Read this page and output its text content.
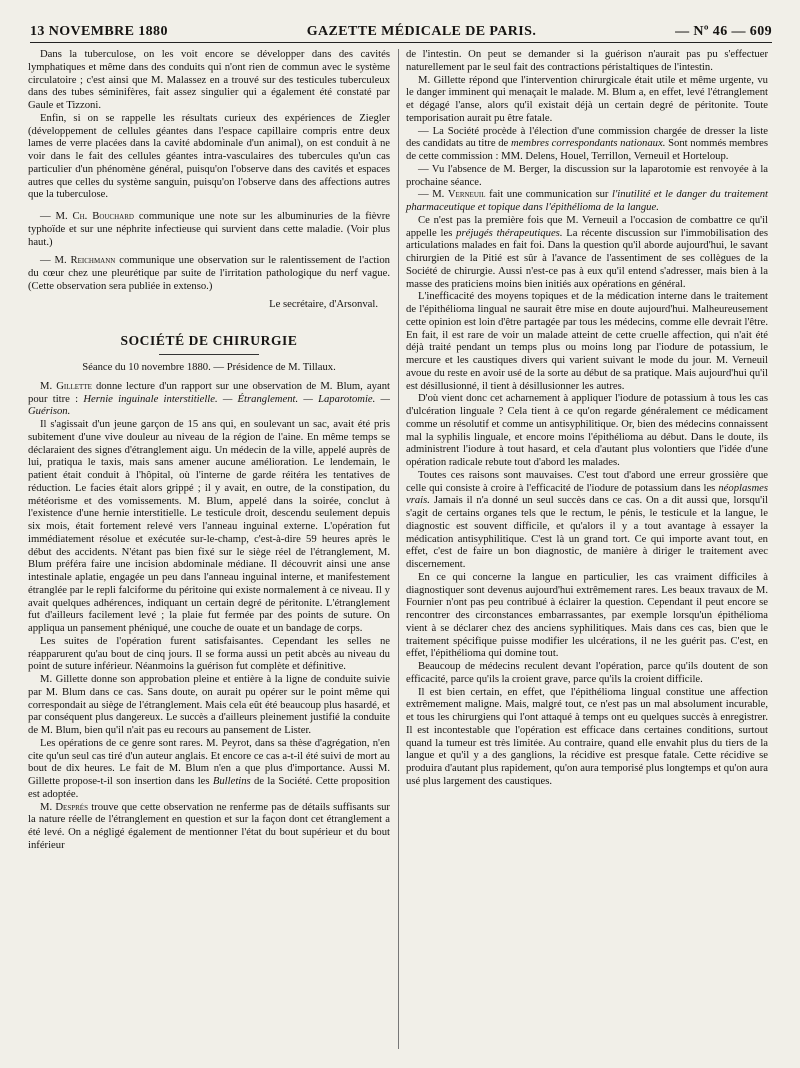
13 NOVEMBRE 1880	GAZETTE MÉDICALE DE PARIS.	— Nº 46 — 609

Dans la tuberculose, on les voit encore se développer dans des cavités lymphatiques et même dans des conduits qui n'ont rien de commun avec le système circulatoire ; c'est ainsi que M. Malassez en a trouvé sur des testicules tuberculeux dans des tubes séminifères, fait assez singulier qui a également été constaté par Gaule et Tizzoni.

Enfin, si on se rappelle les résultats curieux des expériences de Ziegler (développement de cellules géantes dans l'espace capillaire compris entre deux lames de verre placées dans la cavité abdominale d'un animal), on est conduit à ne voir dans le fait des cellules géantes intra-vasculaires des tubercules qu'un cas particulier d'un phénomène général, puisqu'on l'observe dans des cavités et espaces autres que celles du système sanguin, puisqu'on l'observe dans des affections autres que la tuberculose.

— M. Ch. Bouchard communique une note sur les albuminuries de la fièvre typhoïde et sur une néphrite infectieuse qui survient dans cette maladie. (Voir plus haut.)

— M. Reichmann communique une observation sur le ralentissement de l'action du cœur chez une pleurétique par suite de l'irritation pathologique du nerf vague. (Cette observation sera publiée in extenso.)

Le secrétaire, d'Arsonval.

SOCIÉTÉ DE CHIRURGIE

Séance du 10 novembre 1880. — Présidence de M. Tillaux.

M. Gillette donne lecture d'un rapport sur une observation de M. Blum, ayant pour titre : Hernie inguinale interstitielle. — Étranglement. — Laparotomie. — Guérison.

Il s'agissait d'un jeune garçon de 15 ans qui, en soulevant un sac, avait été pris subitement d'une vive douleur au niveau de la région de l'aine. En même temps se déclaraient des signes d'étranglement aigu. Un médecin de la ville, appelé auprès de lui, pratiqua le taxis, mais sans amener aucune amélioration. Le lendemain, le patient était conduit à l'hôpital, où l'interne de garde réitéra les tentatives de réduction. Le facies était alors grippé ; il y avait, en outre, de la constipation, du météorisme et des vomissements. M. Blum, appelé dans la soirée, conclut à l'existence d'une hernie interstitielle. Le testicule droit, descendu seulement depuis six mois, était fortement relevé vers l'anneau inguinal externe. L'opération fut immédiatement résolue et exécutée sur-le-champ, c'est-à-dire 59 heures après le début des accidents. N'étant pas bien fixé sur le siège réel de l'étranglement, M. Blum préféra faire une incision abdominale médiane. Il découvrit ainsi une anse intestinale aplatie, engagée un peu dans l'anneau inguinal interne, et manifestement étranglée par le repli falciforme du péritoine qui existe normalement à ce niveau. Il y avait quelques adhérences, indiquant un certain degré de péritonite. L'étranglement fut d'ailleurs facilement levé ; la plaie fut fermée par des points de suture. On appliqua un pansement phéniqué, une couche de ouate et un bandage de corps.

Les suites de l'opération furent satisfaisantes. Cependant les selles ne réapparurent qu'au bout de cinq jours. Il se forma aussi un petit abcès au niveau du point de suture inférieur. Néanmoins la guérison fut complète et définitive.

M. Gillette donne son approbation pleine et entière à la ligne de conduite suivie par M. Blum dans ce cas. Sans doute, on aurait pu opérer sur le point même qui correspondait au siège de l'étranglement. Mais cela eût été beaucoup plus hasardé, et par conséquent plus dangereux. Le succès a d'ailleurs pleinement justifié la conduite de M. Blum, bien qu'il n'ait pas eu recours au pansement de Lister.

Les opérations de ce genre sont rares. M. Peyrot, dans sa thèse d'agrégation, n'en cite qu'un seul cas tiré d'un auteur anglais. Et encore ce cas a-t-il été suivi de mort au bout de dix heures. Le fait de M. Blum n'en a que plus d'importance. Aussi M. Gillette propose-t-il son insertion dans les Bulletins de la Société. Cette proposition est adoptée.

M. Després trouve que cette observation ne renferme pas de détails suffisants sur la nature réelle de l'étranglement en question et sur la façon dont cet étranglement a été levé. On a négligé également de mentionner l'état du bout supérieur et du bout inférieur

de l'intestin. On peut se demander si la guérison n'aurait pas pu s'effectuer naturellement par le seul fait des contractions péristaltiques de l'intestin.

M. Gillette répond que l'intervention chirurgicale était utile et même urgente, vu le danger imminent qui menaçait le malade. M. Blum a, en effet, levé l'étranglement et dégagé l'anse, alors qu'il existait déjà un certain degré de péritonite. Toute temporisation aurait pu être fatale.

— La Société procède à l'élection d'une commission chargée de dresser la liste des candidats au titre de membres correspondants nationaux. Sont nommés membres de cette commission : MM. Delens, Houel, Terrillon, Verneuil et Horteloup.

— Vu l'absence de M. Berger, la discussion sur la laparotomie est renvoyée à la prochaine séance.

— M. Verneuil fait une communication sur l'inutilité et le danger du traitement pharmaceutique et topique dans l'épithélioma de la langue.

Ce n'est pas la première fois que M. Verneuil a l'occasion de combattre ce qu'il appelle les préjugés thérapeutiques. La récente discussion sur l'immobilisation des articulations malades en fait foi. Dans la question qu'il aborde aujourd'hui, le savant chirurgien de la Pitié est sûr à l'avance de l'assentiment de ses collègues de la Société de chirurgie. Aussi n'est-ce pas à eux qu'il entend s'adresser, mais bien à la masse des praticiens moins bien initiés aux opérations en général.

L'inefficacité des moyens topiques et de la médication interne dans le traitement de l'épithélioma lingual ne saurait être mise en doute aujourd'hui. Malheureusement cette opinion est loin d'être partagée par tous les médecins, comme elle devrait l'être. En fait, il est rare de voir un malade atteint de cette cruelle affection, qui n'ait été déjà traité pendant un temps plus ou moins long par l'iodure de potassium, le mercure et les caustiques divers qui varient suivant le mode du jour. M. Verneuil avoue du reste en avoir usé de la sorte au début de sa pratique. Mais aujourd'hui qu'il est désillusionné, il tient à désillusionner les autres.

D'où vient donc cet acharnement à appliquer l'iodure de potassium à tous les cas d'ulcération linguale ? Cela tient à ce qu'on regarde généralement ce médicament comme un résolutif et comme un antisyphilitique. Or, bien des médecins connaissent mal la syphilis linguale, et encore moins l'épithélioma au début. Dans le doute, ils administrent l'iodure à tout hasard, et cela d'autant plus volontiers que l'idée d'une opération radicale rebute tout d'abord les malades.

Toutes ces raisons sont mauvaises. C'est tout d'abord une erreur grossière que celle qui consiste à croire à l'efficacité de l'iodure de potassium dans les néoplasmes vrais. Jamais il n'a donné un seul succès dans ce cas. On a dit aussi que, lorsqu'il s'agit de certains organes tels que le rectum, le pénis, le testicule et la langue, le diagnostic est souvent difficile, et qu'alors il y a tout avantage à essayer la médication antisyphilitique. C'est là un grand tort. Ce qui importe avant tout, en effet, c'est de faire un bon diagnostic, de manière à diriger le traitement avec discernement.

En ce qui concerne la langue en particulier, les cas vraiment difficiles à diagnostiquer sont devenus aujourd'hui extrêmement rares. Les beaux travaux de M. Fournier n'ont pas peu contribué à éclairer la question. Cependant il peut encore se rencontrer des circonstances embarrassantes, par exemple lorsqu'un épithélioma vient à se déclarer chez des anciens syphilitiques. Mais dans ces cas, bien que le traitement spécifique puisse modifier les ulcérations, il ne les guérit pas. C'est, en effet, l'épithélioma qui domine tout.

Beaucoup de médecins reculent devant l'opération, parce qu'ils doutent de son efficacité, parce qu'ils la croient grave, parce qu'ils la croient difficile.

Il est bien certain, en effet, que l'épithélioma lingual constitue une affection extrêmement maligne. Mais, malgré tout, ce n'est pas un mal absolument incurable, et tous les chirurgiens qui l'ont attaqué à temps ont eu quelques succès à enregistrer. Il est incontestable que l'opération est efficace dans certaines conditions, surtout quand la tumeur est très limitée. Au contraire, quand elle envahit plus du tiers de la langue et qu'il y a des ganglions, la récidive est presque fatale. Cette récidive se produira d'autant plus rapidement, qu'on aura temporisé plus longtemps et qu'on aura usé plus largement des caustiques.
